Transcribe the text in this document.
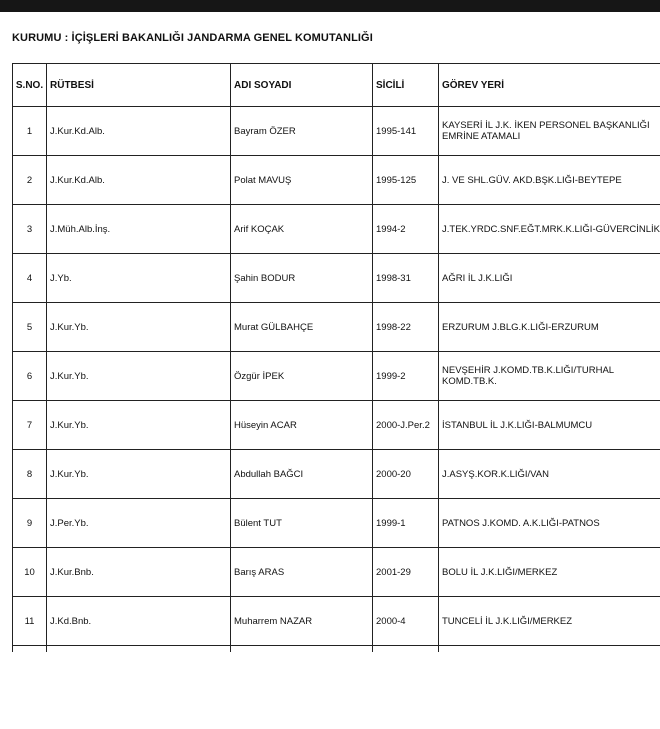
KURUMU : İÇİŞLERİ BAKANLIĞI JANDARMA GENEL KOMUTANLIĞI
S.NO.	RÜTBESİ	ADI SOYADI	SİCİLİ	GÖREV YERİ
1	J.Kur.Kd.Alb.	Bayram ÖZER	1995-141	KAYSERİ İL J.K. İKEN PERSONEL BAŞKANLIĞI EMRİNE ATAMALI
2	J.Kur.Kd.Alb.	Polat MAVUŞ	1995-125	J. VE SHL.GÜV. AKD.BŞK.LIĞI-BEYTEPE
3	J.Müh.Alb.İnş.	Arif KOÇAK	1994-2	J.TEK.YRDC.SNF.EĞT.MRK.K.LIĞI-GÜVERCİNLİK
4	J.Yb.	Şahin BODUR	1998-31	AĞRI İL J.K.LIĞI
5	J.Kur.Yb.	Murat GÜLBAHÇE	1998-22	ERZURUM J.BLG.K.LIĞI-ERZURUM
6	J.Kur.Yb.	Özgür İPEK	1999-2	NEVŞEHİR J.KOMD.TB.K.LIĞI/TURHAL KOMD.TB.K.
7	J.Kur.Yb.	Hüseyin ACAR	2000-J.Per.2	İSTANBUL İL J.K.LIĞI-BALMUMCU
8	J.Kur.Yb.	Abdullah BAĞCI	2000-20	J.ASYŞ.KOR.K.LIĞI/VAN
9	J.Per.Yb.	Bülent TUT	1999-1	PATNOS J.KOMD. A.K.LIĞI-PATNOS
10	J.Kur.Bnb.	Barış ARAS	2001-29	BOLU İL J.K.LIĞI/MERKEZ
11	J.Kd.Bnb.	Muharrem NAZAR	2000-4	TUNCELİ İL J.K.LIĞI/MERKEZ
